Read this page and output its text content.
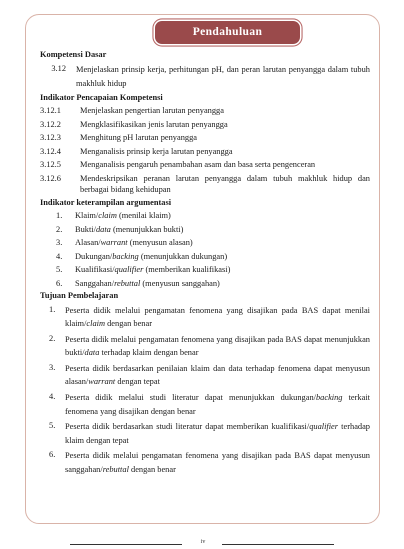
Pendahuluan
Kompetensi Dasar
3.12	Menjelaskan prinsip kerja, perhitungan pH, dan peran larutan penyangga dalam tubuh makhluk hidup
Indikator Pencapaian Kompetensi
3.12.1	Menjelaskan pengertian larutan penyangga
3.12.2	Mengklasifikasikan jenis larutan penyangga
3.12.3	Menghitung pH larutan penyangga
3.12.4	Menganalisis prinsip kerja larutan penyangga
3.12.5	Menganalisis pengaruh penambahan asam dan basa serta pengenceran
3.12.6	Mendeskripsikan peranan larutan penyangga dalam tubuh makhluk hidup dan berbagai bidang kehidupan
Indikator keterampilan argumentasi
1.	Klaim/claim (menilai klaim)
2.	Bukti/data (menunjukkan bukti)
3.	Alasan/warrant (menyusun alasan)
4.	Dukungan/backing (menunjukkan dukungan)
5.	Kualifikasi/qualifier (memberikan kualifikasi)
6.	Sanggahan/rebuttal (menyusun sanggahan)
Tujuan Pembelajaran
1.	Peserta didik melalui pengamatan fenomena yang disajikan pada BAS dapat menilai klaim/claim dengan benar
2.	Peserta didik melalui pengamatan fenomena yang disajikan pada BAS dapat menunjukkan bukti/data terhadap klaim dengan benar
3.	Peserta didik berdasarkan penilaian klaim dan data terhadap fenomena dapat menyusun alasan/warrant dengan tepat
4.	Peserta didik melalui studi literatur dapat menunjukkan dukungan/backing terkait fenomena yang disajikan dengan benar
5.	Peserta didik berdasarkan studi literatur dapat memberikan kualifikasi/qualifier terhadap klaim dengan tepat
6.	Peserta didik melalui pengamatan fenomena yang disajikan pada BAS dapat menyusun sanggahan/rebuttal dengan benar
iv
